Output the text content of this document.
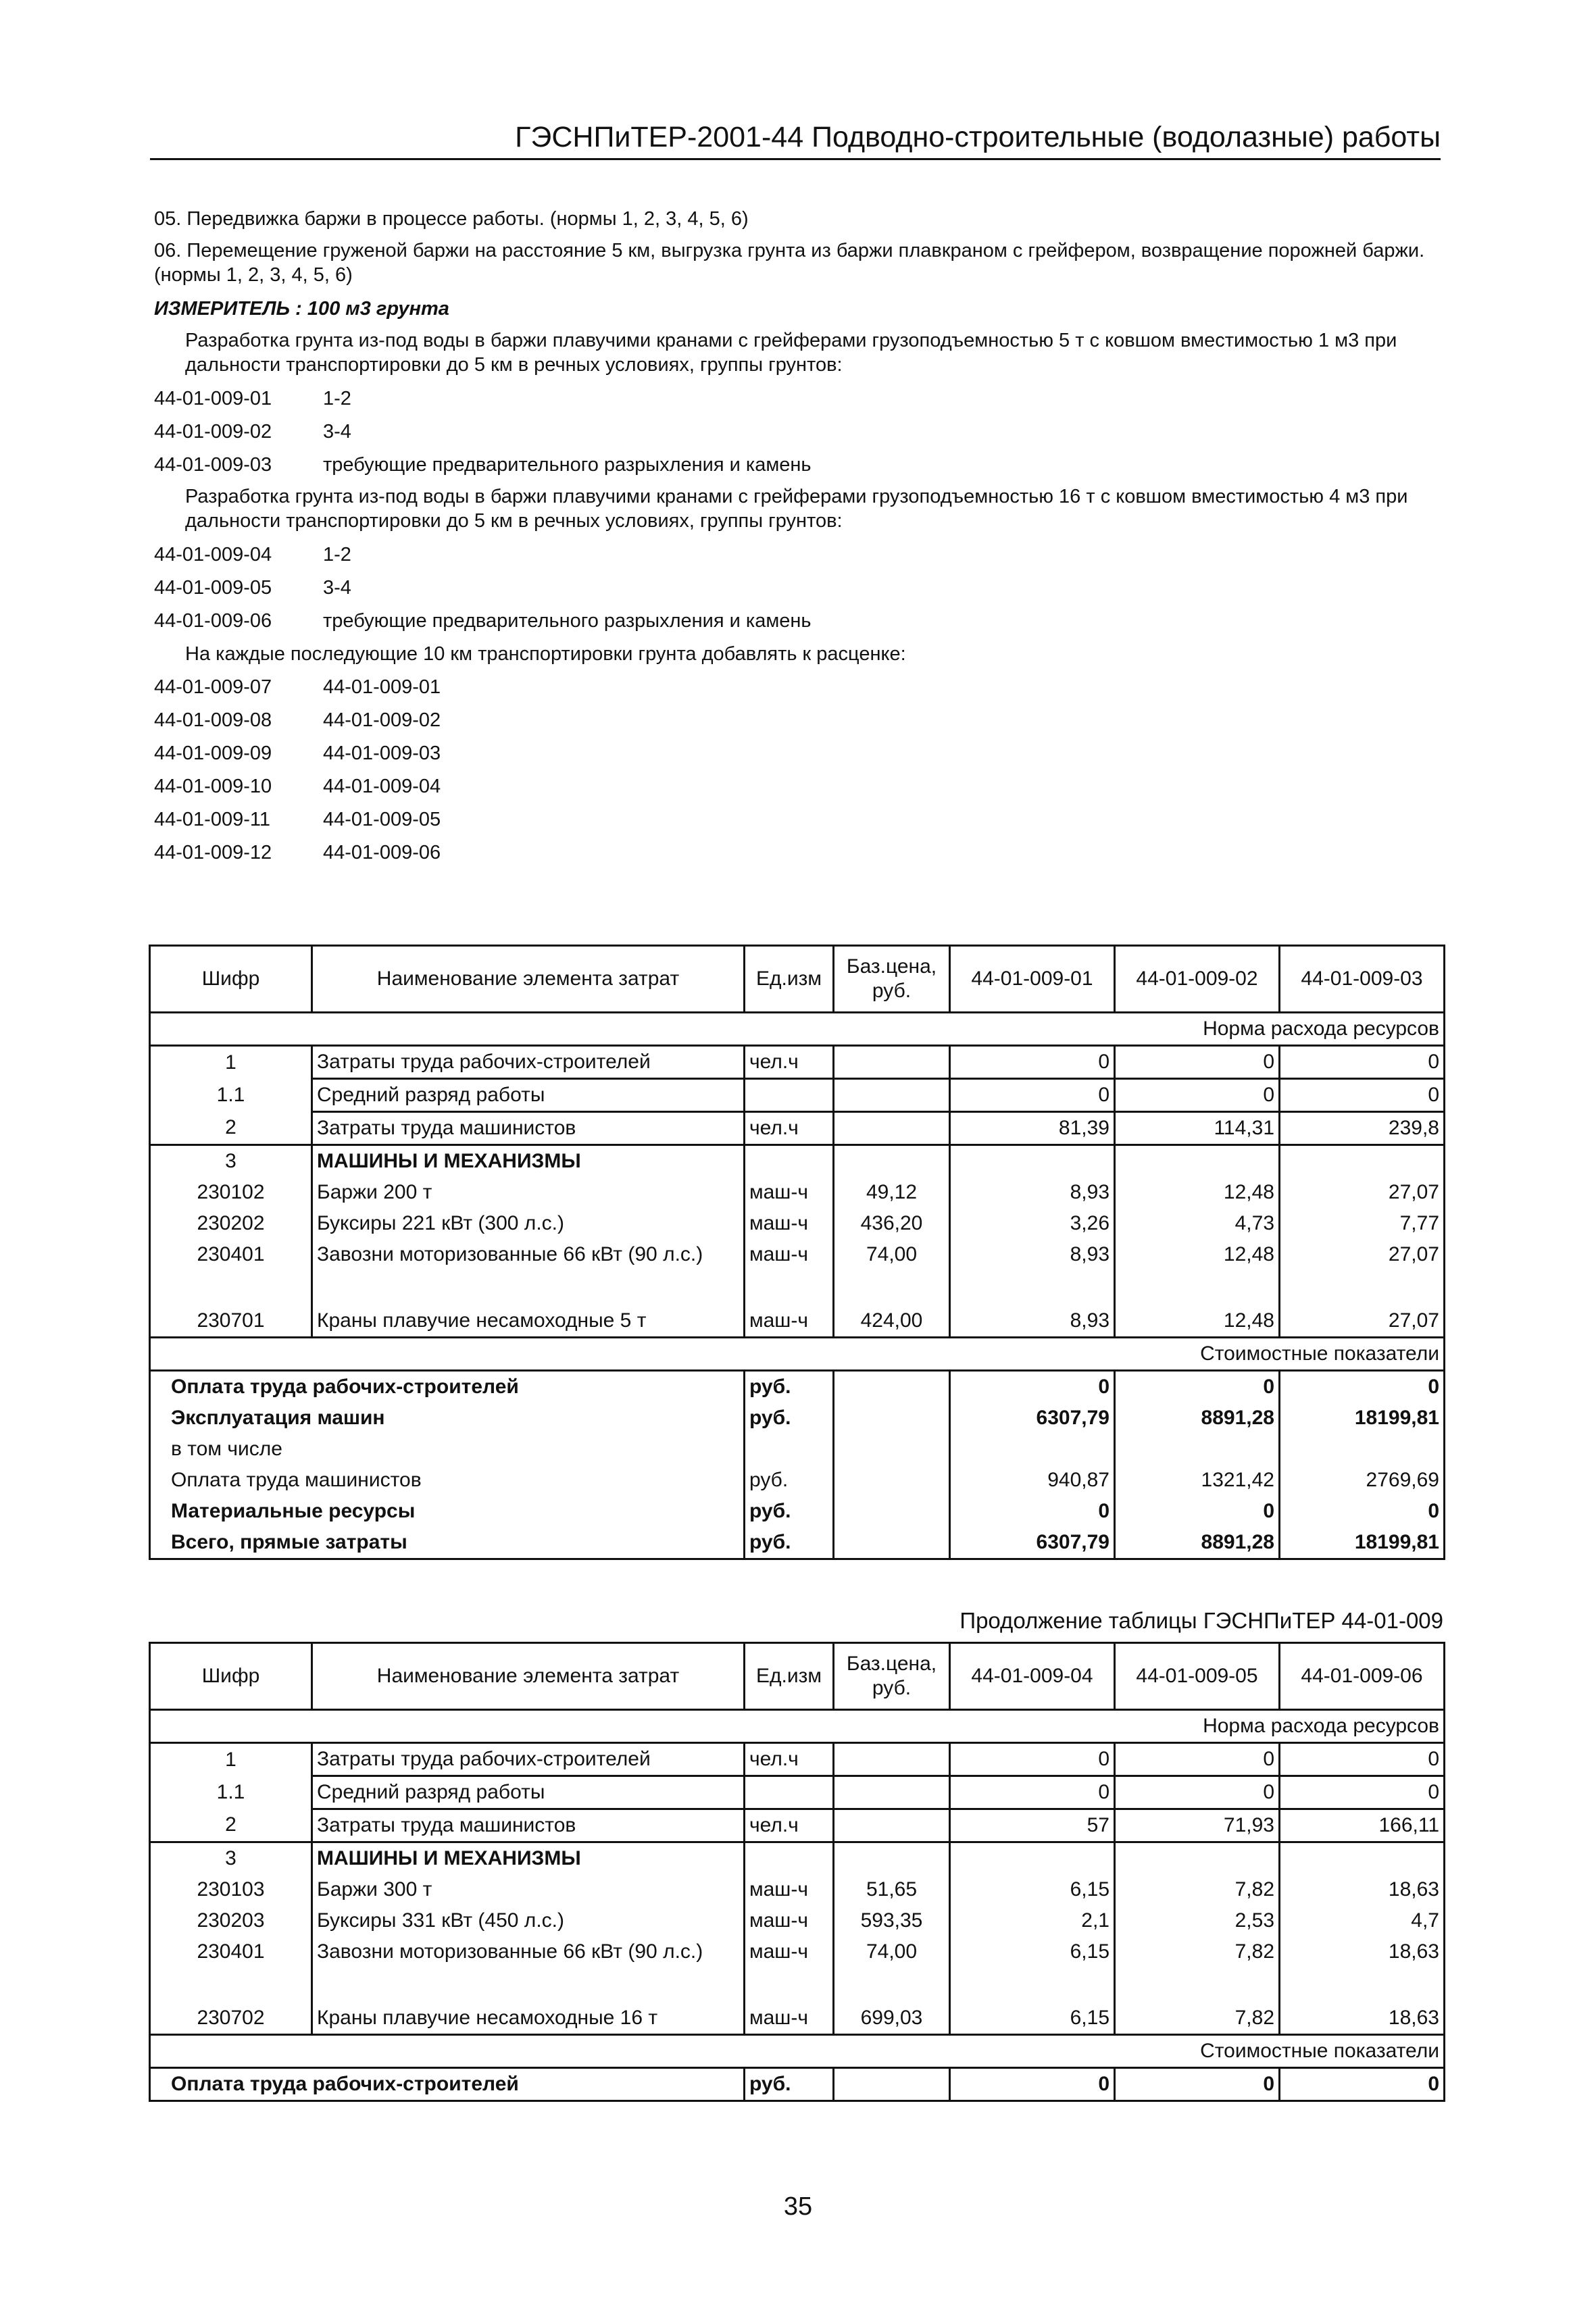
ГЭСНПиТЕР-2001-44 Подводно-строительные (водолазные) работы
05. Передвижка баржи в процессе работы. (нормы 1, 2, 3, 4, 5, 6)
06. Перемещение груженой баржи на расстояние 5 км, выгрузка грунта из баржи плавкраном с грейфером, возвращение порожней баржи. (нормы 1, 2, 3, 4, 5, 6)
ИЗМЕРИТЕЛЬ : 100 м3 грунта
Разработка грунта из-под воды в баржи плавучими кранами с грейферами грузоподъемностью 5 т с ковшом вместимостью 1 м3 при дальности транспортировки до 5 км в речных условиях, группы грунтов:
44-01-009-01	1-2
44-01-009-02	3-4
44-01-009-03	требующие предварительного разрыхления и камень
Разработка грунта из-под воды в баржи плавучими кранами с грейферами грузоподъемностью 16 т с ковшом вместимостью 4 м3 при дальности транспортировки до 5 км в речных условиях, группы грунтов:
44-01-009-04	1-2
44-01-009-05	3-4
44-01-009-06	требующие предварительного разрыхления и камень
На каждые последующие 10 км транспортировки грунта добавлять к расценке:
44-01-009-07	44-01-009-01
44-01-009-08	44-01-009-02
44-01-009-09	44-01-009-03
44-01-009-10	44-01-009-04
44-01-009-11	44-01-009-05
44-01-009-12	44-01-009-06
Шифр	Наименование элемента затрат	Ед.изм	Баз.цена, руб.	44-01-009-01	44-01-009-02	44-01-009-03
Норма расхода ресурсов						
1	Затраты труда рабочих-строителей	чел.ч		0	0	0
1.1	Средний разряд работы			0	0	0
2	Затраты труда машинистов	чел.ч		81,39	114,31	239,8
3	МАШИНЫ И МЕХАНИЗМЫ					
230102	Баржи 200 т	маш-ч	49,12	8,93	12,48	27,07
230202	Буксиры 221 кВт (300 л.с.)	маш-ч	436,20	3,26	4,73	7,77
230401	Завозни моторизованные 66 кВт (90 л.с.)	маш-ч	74,00	8,93	12,48	27,07
230701	Краны плавучие несамоходные 5 т	маш-ч	424,00	8,93	12,48	27,07
Стоимостные показатели						
Оплата труда рабочих-строителей		руб.		0	0	0
Эксплуатация машин		руб.		6307,79	8891,28	18199,81
в том числе						
Оплата труда машинистов		руб.		940,87	1321,42	2769,69
Материальные ресурсы		руб.		0	0	0
Всего, прямые затраты		руб.		6307,79	8891,28	18199,81
Продолжение таблицы ГЭСНПиТЕР 44-01-009
Шифр	Наименование элемента затрат	Ед.изм	Баз.цена, руб.	44-01-009-04	44-01-009-05	44-01-009-06
Норма расхода ресурсов						
1	Затраты труда рабочих-строителей	чел.ч		0	0	0
1.1	Средний разряд работы			0	0	0
2	Затраты труда машинистов	чел.ч		57	71,93	166,11
3	МАШИНЫ И МЕХАНИЗМЫ					
230103	Баржи 300 т	маш-ч	51,65	6,15	7,82	18,63
230203	Буксиры 331 кВт (450 л.с.)	маш-ч	593,35	2,1	2,53	4,7
230401	Завозни моторизованные 66 кВт (90 л.с.)	маш-ч	74,00	6,15	7,82	18,63
230702	Краны плавучие несамоходные 16 т	маш-ч	699,03	6,15	7,82	18,63
Стоимостные показатели						
Оплата труда рабочих-строителей		руб.		0	0	0
35
